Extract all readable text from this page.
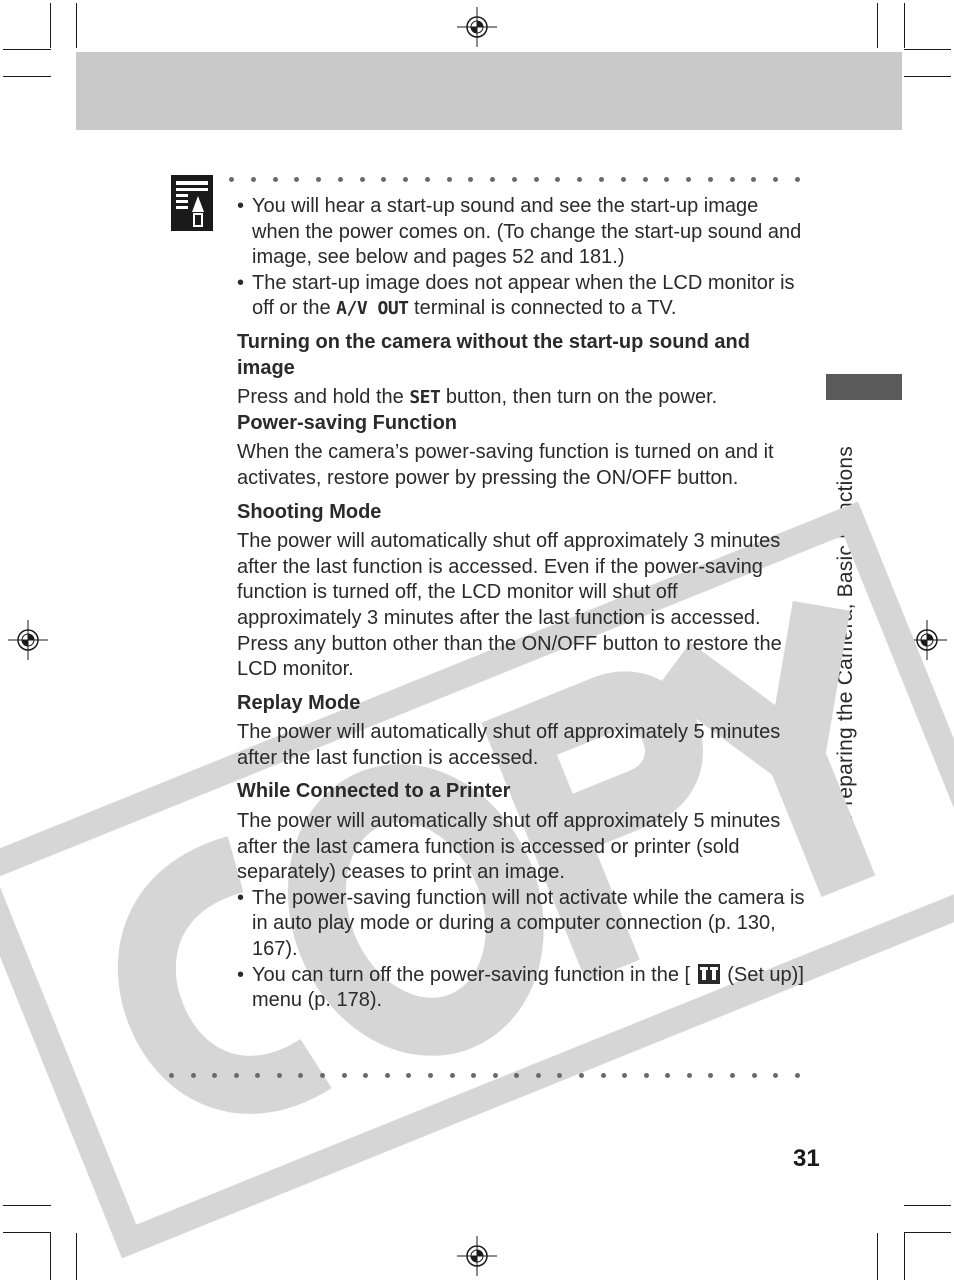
Preparing the Camera, Basic Functions

• You will hear a start-up sound and see the start-up image when the power comes on. (To change the start-up sound and image, see below and pages 52 and 181.)

• The start-up image does not appear when the LCD monitor is off or the A/V OUT terminal is connected to a TV.

Turning on the camera without the start-up sound and image

Press and hold the SET button, then turn on the power.

Power-saving Function

When the camera’s power-saving function is turned on and it activates, restore power by pressing the ON/OFF button.

Shooting Mode

The power will automatically shut off approximately 3 minutes after the last function is accessed. Even if the power-saving function is turned off, the LCD monitor will shut off approximately 3 minutes after the last function is accessed. Press any button other than the ON/OFF button to restore the LCD monitor.

Replay Mode

The power will automatically shut off approximately 5 minutes after the last function is accessed.

While Connected to a Printer

The power will automatically shut off approximately 5 minutes after the last camera function is accessed or printer (sold separately) ceases to print an image.

• The power-saving function will not activate while the camera is in auto play mode or during a computer connection (p. 130, 167).

• You can turn off the power-saving function in the [  (Set up)] menu (p. 178).

31
